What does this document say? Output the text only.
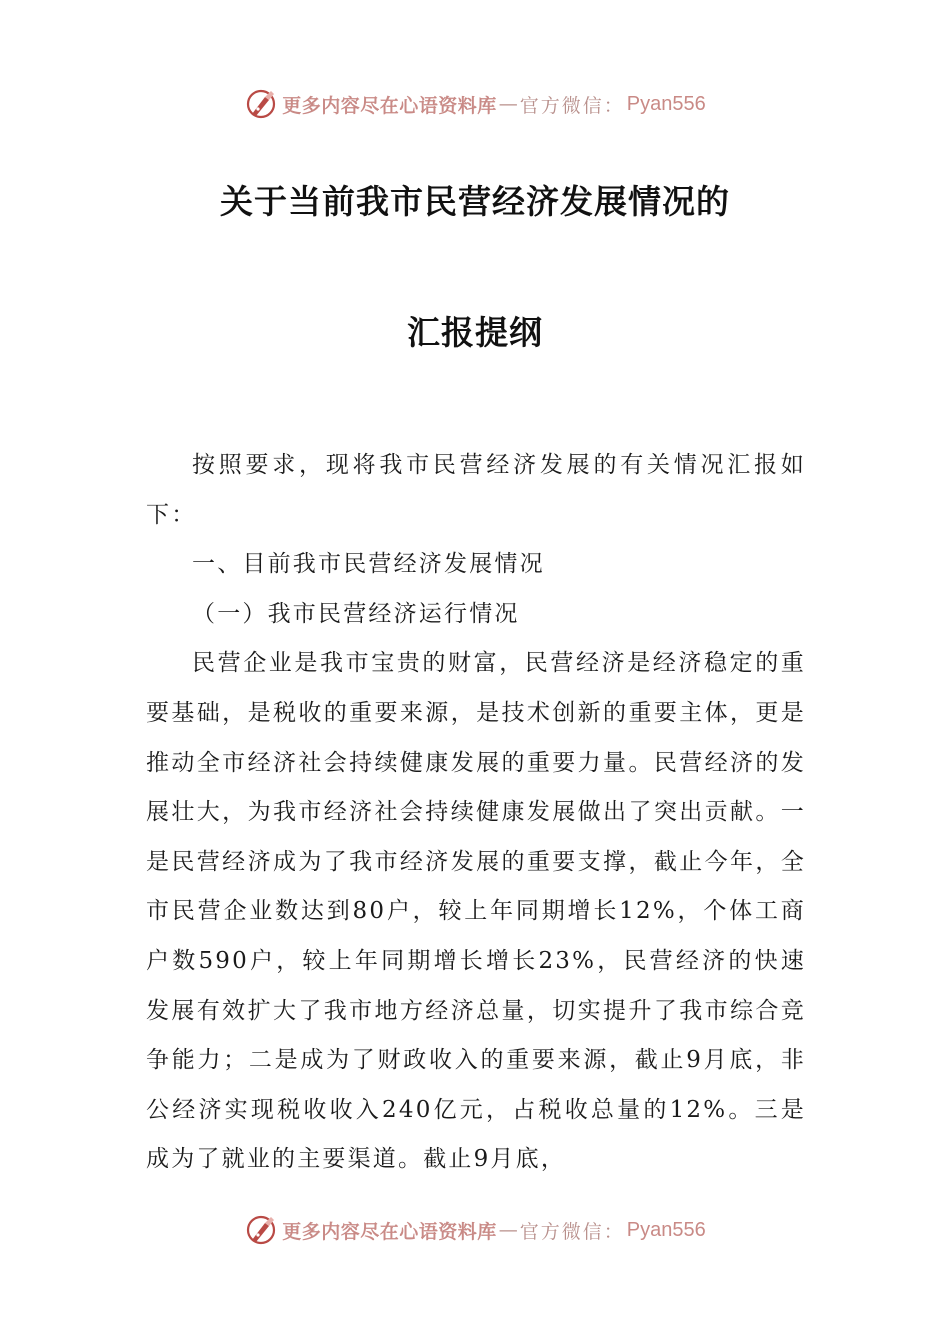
更多内容尽在心语资料库 — 官方微信： Pyan556
关于当前我市民营经济发展情况的
汇报提纲

按照要求，现将我市民营经济发展的有关情况汇报如下：

一、目前我市民营经济发展情况

（一）我市民营经济运行情况

民营企业是我市宝贵的财富，民营经济是经济稳定的重要基础，是税收的重要来源，是技术创新的重要主体，更是推动全市经济社会持续健康发展的重要力量。民营经济的发展壮大，为我市经济社会持续健康发展做出了突出贡献。一是民营经济成为了我市经济发展的重要支撑，截止今年，全市民营企业数达到80户，较上年同期增长12%，个体工商户数590户，较上年同期增长增长23%，民营经济的快速发展有效扩大了我市地方经济总量，切实提升了我市综合竞争能力；二是成为了财政收入的重要来源，截止9月底，非公经济实现税收收入240亿元，占税收总量的12%。三是成为了就业的主要渠道。截止9月底，

更多内容尽在心语资料库 — 官方微信： Pyan556
